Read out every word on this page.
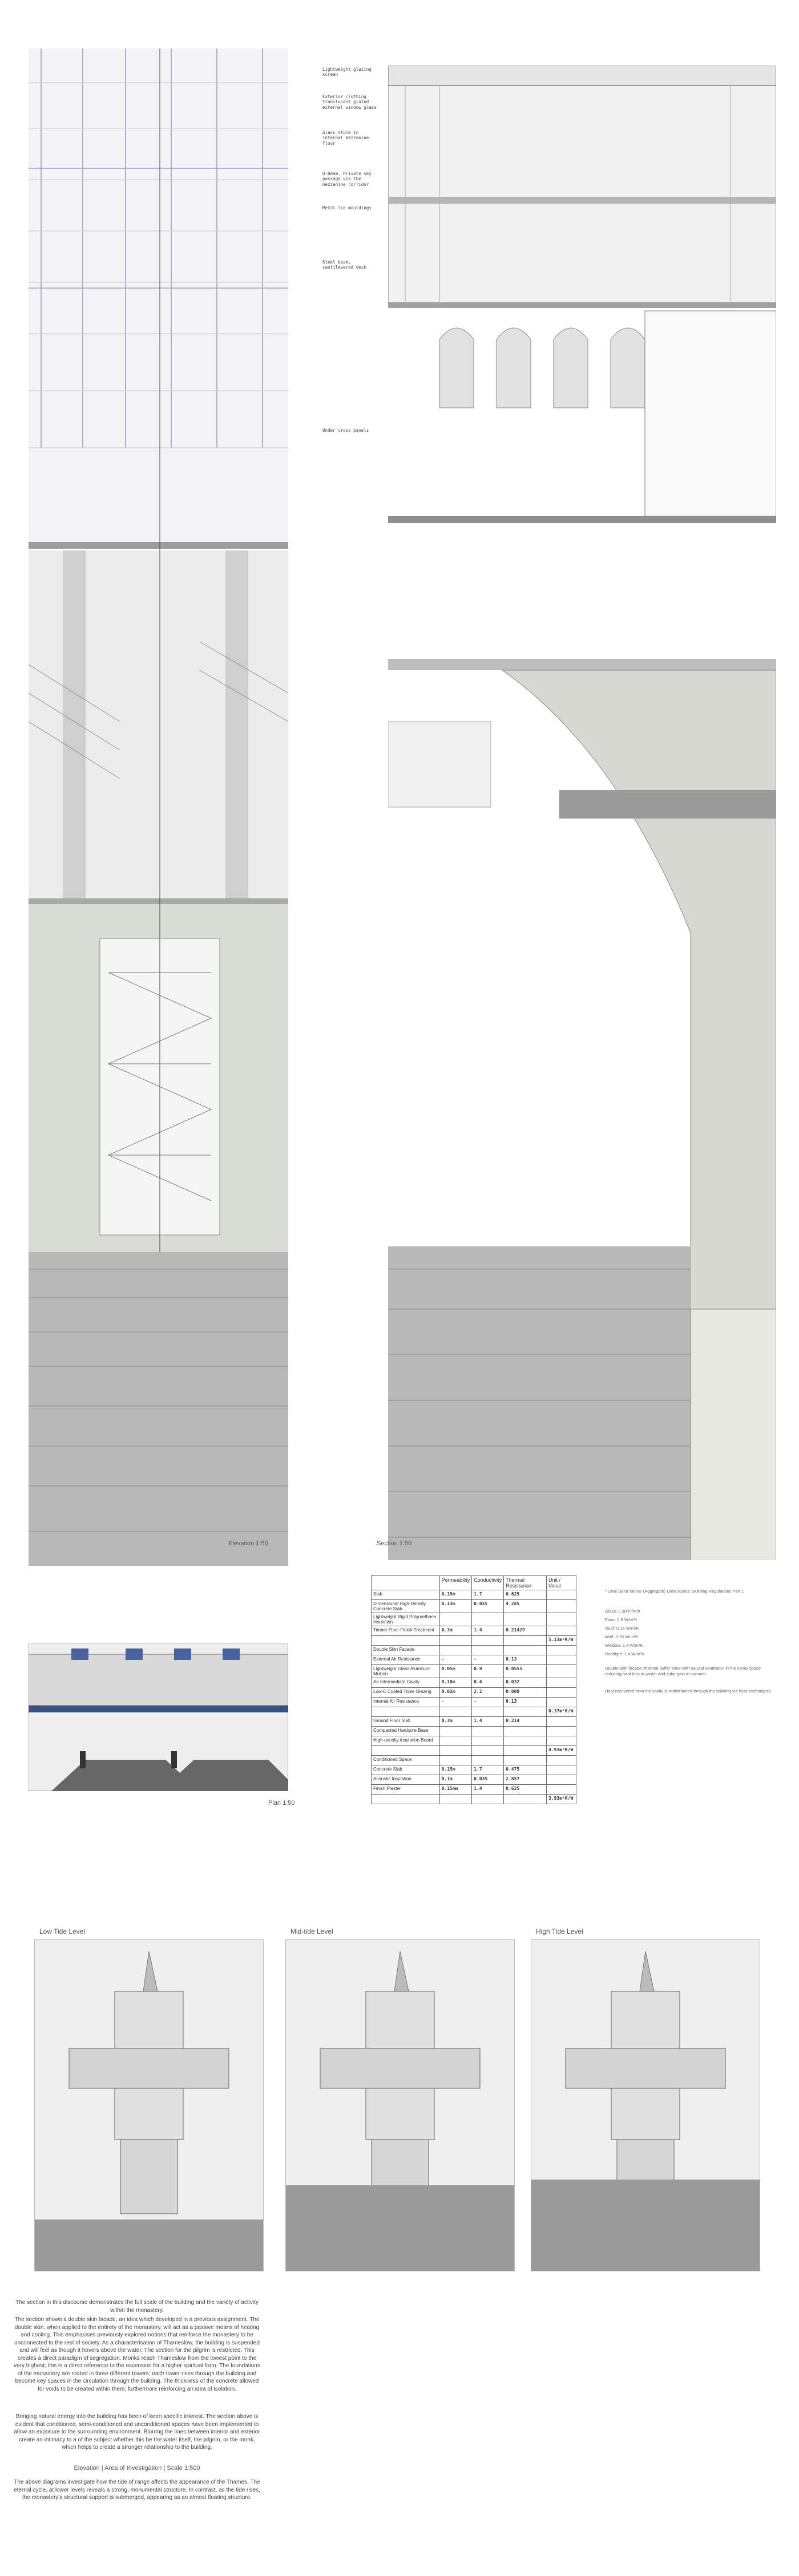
Elevation 1:50	Section 1:50
Lightweight glazing screen
Exterior clothing translucent glazed external window glass
Glass stone in internal mezzanine floor
U-Beam. Private sky passage via the mezzanine corridor
Metal lid mouldings
Steel beam, cantilevered deck
Under cross panels
Plan 1:50
	Permeability	Conductivity	Thermal Resistance	Unit / Value
Slab	0.15m	1.7	0.625	
Dimensional High-Density Concrete Slab	0.13m	0.035	4.285	
Lightweight Rigid Polyurethane Insulation				
Timber Floor Finish Treatment	0.3m	1.4	0.21429	
				5.13m²K/W
Double Skin Facade				
External Air Resistance	-	-	0.13	
Lightweight Glass Aluminum Mullion	0.05m	0.9	0.0555	
Air Intermediate Cavity	0.10m	0.4	0.032	
Low-E Coated Triple Glazing	0.02m	2.2	0.008	
Internal Air Resistance	-	-	0.13	
				0.37m²K/W
Ground Floor Slab	0.3m	1.4	0.214	
Compacted Hardcore Base				
High-density Insulation Board				
				4.93m²K/W
Conditioned Space				
Concrete Slab	0.15m	1.7	0.475	
Acoustic Insulation	0.1m	0.035	2.857	
Finish Plaster	0.15mm	1.4	0.625	
				3.93m²K/W
* Lime Sand Mortar (Aggregate) Data source: Building Regulations Part L
Glass: 0.30m³/m²h
Floor: 0.8 W/m²K
Roof: 0.16 W/m²K
Wall: 0.18 W/m²K
Window: 1.4 W/m²K
Rooflight: 1.4 W/m²K
Double-skin facade: thermal buffer zone with natural ventilation in the cavity space reducing heat loss in winter and solar gain in summer.
Heat recovered from the cavity is redistributed through the building via heat exchangers.
Low Tide Level	Mid-tide Level	High Tide Level
The section in this discourse demonstrates the full scale of the building and the variety of activity within the monastery.
The section shows a double skin facade, an idea which developed in a previous assignment. The double skin, when applied to the entirety of the monastery, will act as a passive means of heating and cooling. This emphasises previously explored notions that reinforce the monastery to be unconnected to the rest of society. As a characterisation of Thameslow, the building is suspended and will feel as though it hovers above the water. The section for the pilgrim is restricted. This creates a direct paradigm of segregation. Monks reach Thameslow from the lowest point to the very highest; this is a direct reference to the ascension for a higher spiritual form. The foundations of the monastery are rooted in three different towers; each tower rises through the building and become key spaces in the circulation through the building. The thickness of the concrete allowed for voids to be created within them, furthermore reinforcing an idea of isolation.
Bringing natural energy into the building has been of keen specific interest. The section above is evident that conditioned, semi-conditioned and unconditioned spaces have been implemented to allow an exposure to the surrounding environment. Blurring the lines between interior and exterior create an intimacy to a of the subject whether this be the water itself, the pilgrim, or the monk, which helps to create a stronger relationship to the building.
Elevation | Area of Investigation | Scale 1:500
The above diagrams investigate how the tide of range affects the appearance of the Thames. The eternal cycle, at lower levels reveals a strong, monumental structure. In contrast, as the tide rises, the monastery's structural support is submerged, appearing as an almost floating structure.
